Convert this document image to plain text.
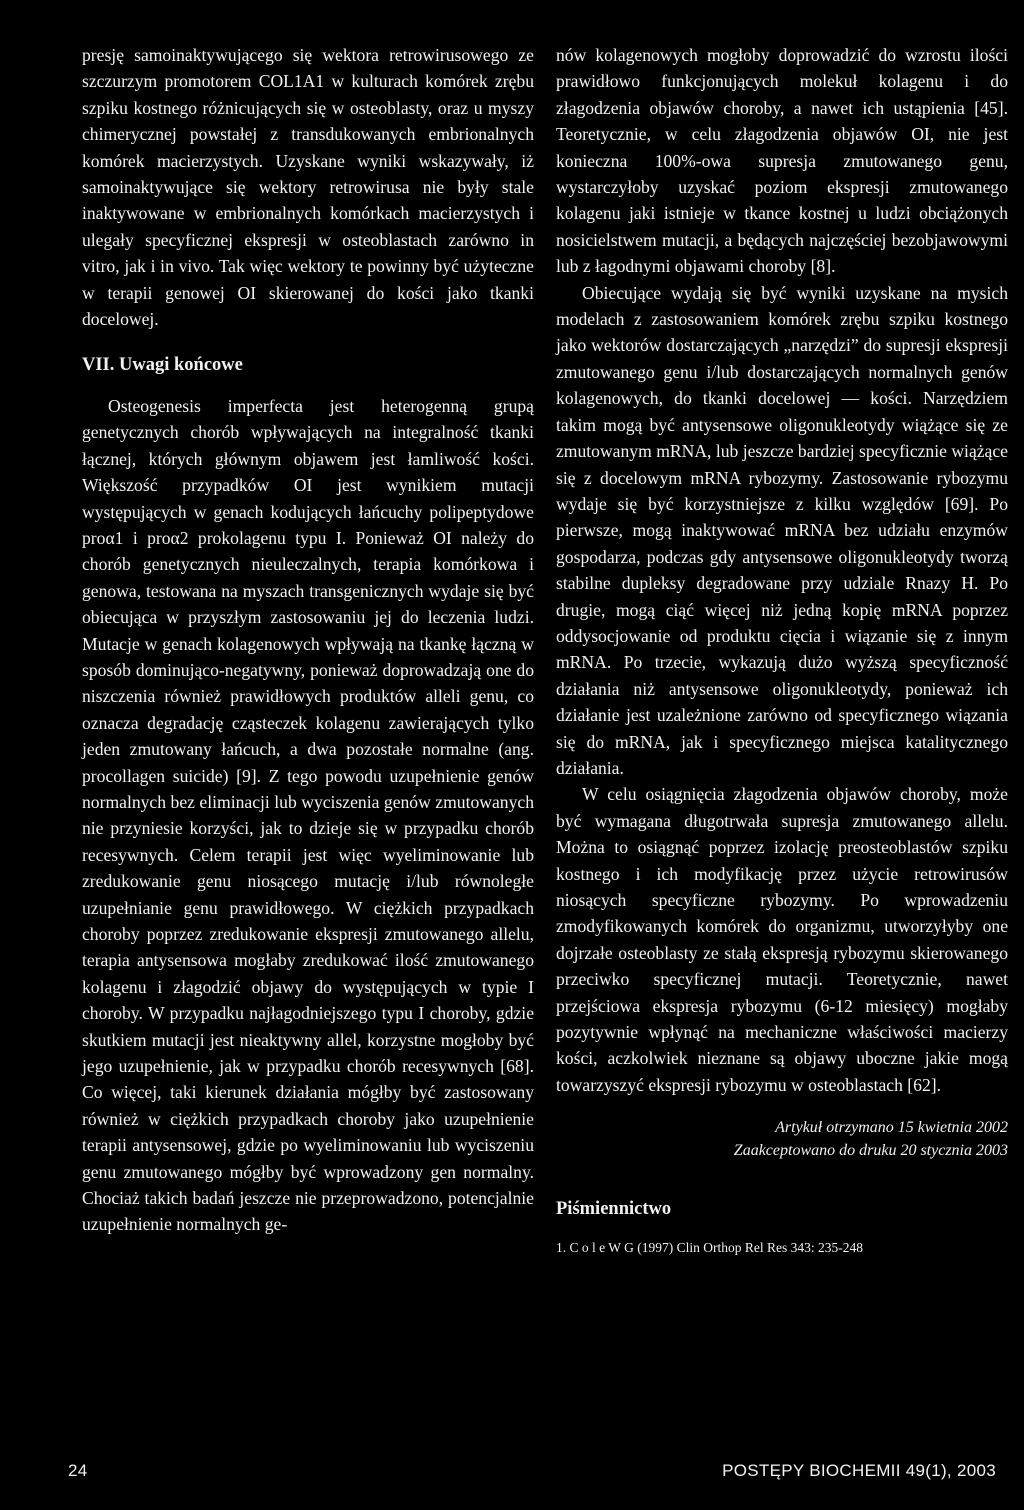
presję samoinaktywującego się wektora retrowirusowego ze szczurzym promotorem COL1A1 w kulturach komórek zrębu szpiku kostnego różnicujących się w osteoblasty, oraz u myszy chimerycznej powstałej z transdukowanych embrionalnych komórek macierzystych. Uzyskane wyniki wskazywały, iż samoinaktywujące się wektory retrowirusa nie były stale inaktywowane w embrionalnych komórkach macierzystych i ulegały specyficznej ekspresji w osteoblastach zarówno in vitro, jak i in vivo. Tak więc wektory te powinny być użyteczne w terapii genowej OI skierowanej do kości jako tkanki docelowej.

VII. Uwagi końcowe

Osteogenesis imperfecta jest heterogenną grupą genetycznych chorób wpływających na integralność tkanki łącznej, których głównym objawem jest łamliwość kości. Większość przypadków OI jest wynikiem mutacji występujących w genach kodujących łańcuchy polipeptydowe proα1 i proα2 prokolagenu typu I. Ponieważ OI należy do chorób genetycznych nieuleczalnych, terapia komórkowa i genowa, testowana na myszach transgenicznych wydaje się być obiecująca w przyszłym zastosowaniu jej do leczenia ludzi. Mutacje w genach kolagenowych wpływają na tkankę łączną w sposób dominująco-negatywny, ponieważ doprowadzają one do niszczenia również prawidłowych produktów alleli genu, co oznacza degradację cząsteczek kolagenu zawierających tylko jeden zmutowany łańcuch, a dwa pozostałe normalne (ang. procollagen suicide) [9]. Z tego powodu uzupełnienie genów normalnych bez eliminacji lub wyciszenia genów zmutowanych nie przyniesie korzyści, jak to dzieje się w przypadku chorób recesywnych. Celem terapii jest więc wyeliminowanie lub zredukowanie genu niosącego mutację i/lub równoległe uzupełnianie genu prawidłowego. W ciężkich przypadkach choroby poprzez zredukowanie ekspresji zmutowanego allelu, terapia antysensowa mogłaby zredukować ilość zmutowanego kolagenu i złagodzić objawy do występujących w typie I choroby. W przypadku najłagodniejszego typu I choroby, gdzie skutkiem mutacji jest nieaktywny allel, korzystne mogłoby być jego uzupełnienie, jak w przypadku chorób recesywnych [68]. Co więcej, taki kierunek działania mógłby być zastosowany również w ciężkich przypadkach choroby jako uzupełnienie terapii antysensowej, gdzie po wyeliminowaniu lub wyciszeniu genu zmutowanego mógłby być wprowadzony gen normalny. Chociaż takich badań jeszcze nie przeprowadzono, potencjalnie uzupełnienie normalnych ge-

nów kolagenowych mogłoby doprowadzić do wzrostu ilości prawidłowo funkcjonujących molekuł kolagenu i do złagodzenia objawów choroby, a nawet ich ustąpienia [45]. Teoretycznie, w celu złagodzenia objawów OI, nie jest konieczna 100%-owa supresja zmutowanego genu, wystarczyłoby uzyskać poziom ekspresji zmutowanego kolagenu jaki istnieje w tkance kostnej u ludzi obciążonych nosicielstwem mutacji, a będących najczęściej bezobjawowymi lub z łagodnymi objawami choroby [8].

Obiecujące wydają się być wyniki uzyskane na mysich modelach z zastosowaniem komórek zrębu szpiku kostnego jako wektorów dostarczających „narzędzi” do supresji ekspresji zmutowanego genu i/lub dostarczających normalnych genów kolagenowych, do tkanki docelowej — kości. Narzędziem takim mogą być antysensowe oligonukleotydy wiążące się ze zmutowanym mRNA, lub jeszcze bardziej specyficznie wiążące się z docelowym mRNA rybozymy. Zastosowanie rybozymu wydaje się być korzystniejsze z kilku względów [69]. Po pierwsze, mogą inaktywować mRNA bez udziału enzymów gospodarza, podczas gdy antysensowe oligonukleotydy tworzą stabilne dupleksy degradowane przy udziale Rnazy H. Po drugie, mogą ciąć więcej niż jedną kopię mRNA poprzez oddysocjowanie od produktu cięcia i wiązanie się z innym mRNA. Po trzecie, wykazują dużo wyższą specyficzność działania niż antysensowe oligonukleotydy, ponieważ ich działanie jest uzależnione zarówno od specyficznego wiązania się do mRNA, jak i specyficznego miejsca katalitycznego działania.

W celu osiągnięcia złagodzenia objawów choroby, może być wymagana długotrwała supresja zmutowanego allelu. Można to osiągnąć poprzez izolację preosteoblastów szpiku kostnego i ich modyfikację przez użycie retrowirusów niosących specyficzne rybozymy. Po wprowadzeniu zmodyfikowanych komórek do organizmu, utworzyłyby one dojrzałe osteoblasty ze stałą ekspresją rybozymu skierowanego przeciwko specyficznej mutacji. Teoretycznie, nawet przejściowa ekspresja rybozymu (6-12 miesięcy) mogłaby pozytywnie wpłynąć na mechaniczne właściwości macierzy kości, aczkolwiek nieznane są objawy uboczne jakie mogą towarzyszyć ekspresji rybozymu w osteoblastach [62].

Artykuł otrzymano 15 kwietnia 2002

Zaakceptowano do druku 20 stycznia 2003

Piśmiennictwo

1. C o l e W G (1997) Clin Orthop Rel Res 343: 235-248

24	POSTĘPY BIOCHEMII 49(1), 2003
